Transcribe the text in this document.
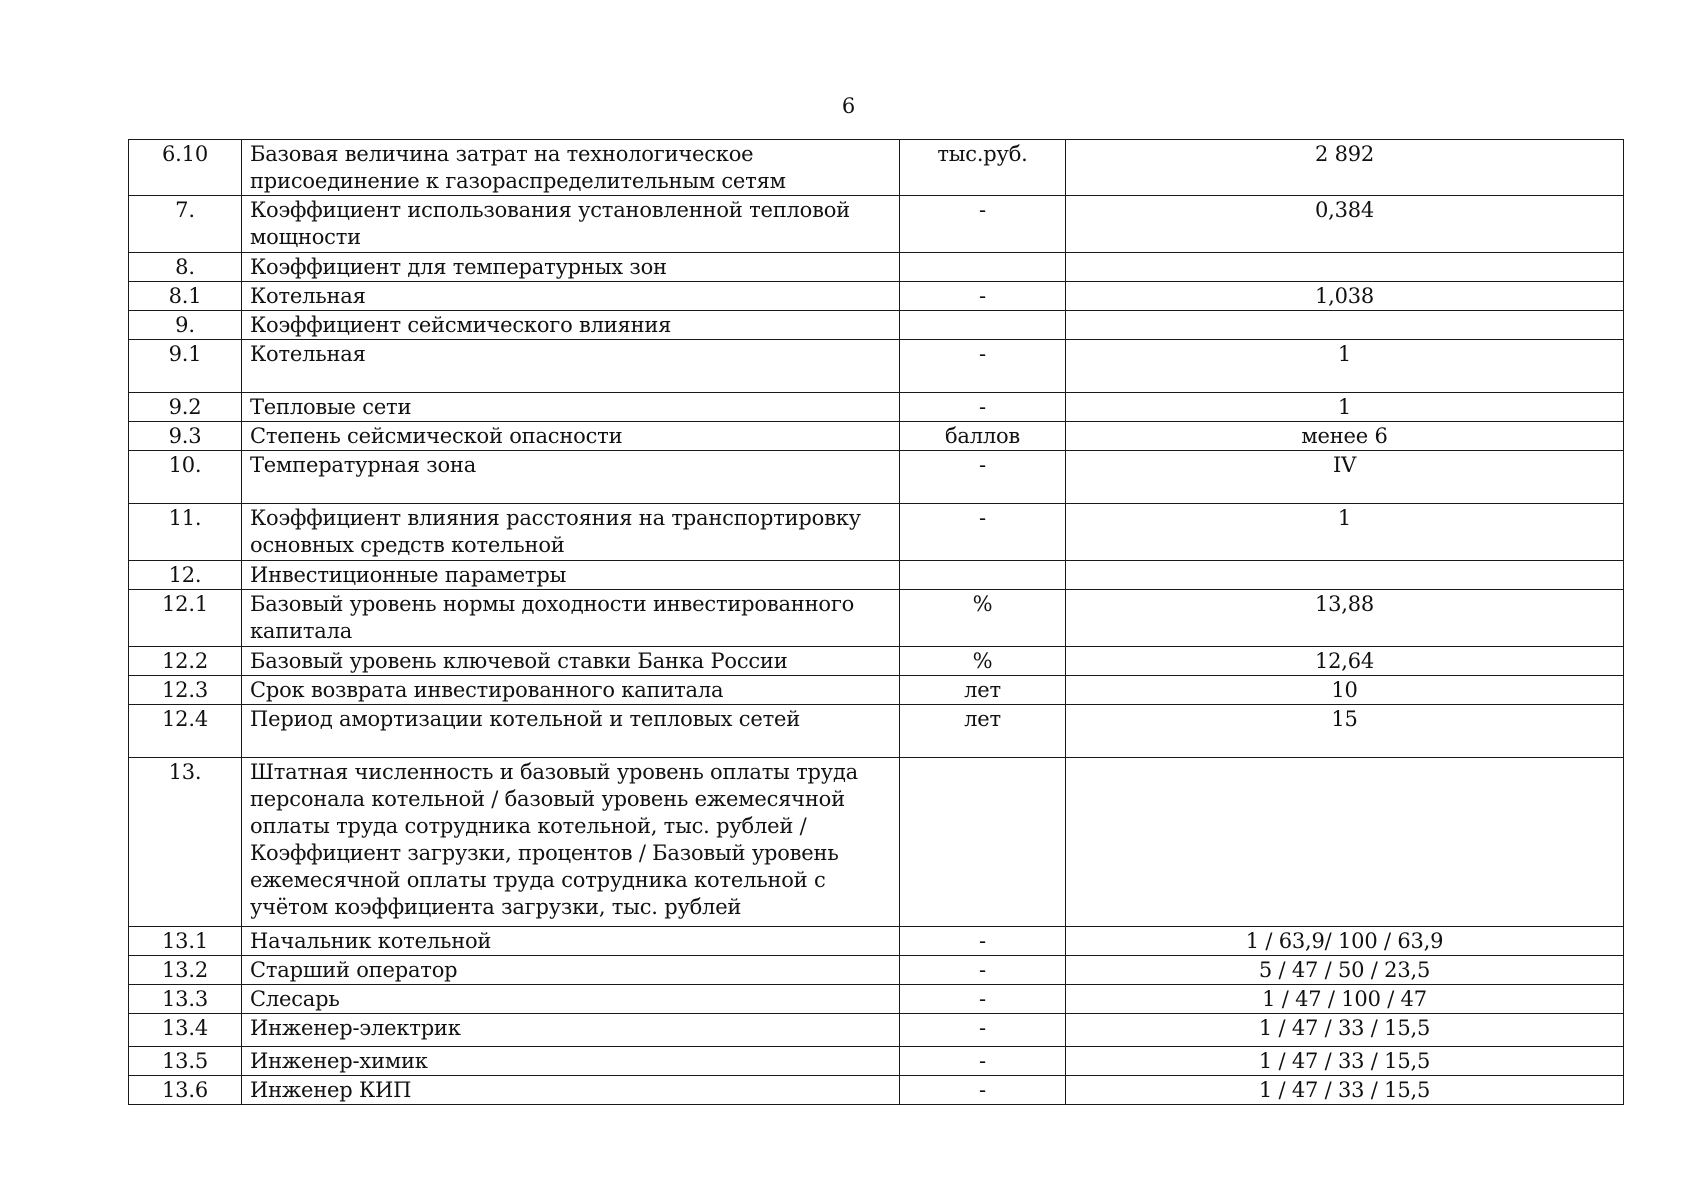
6
6.10	Базовая величина затрат на технологическое присоединение к газораспределительным сетям	тыс.руб.	2 892
7.	Коэффициент использования установленной тепловой мощности	-	0,384
8.	Коэффициент для температурных зон		
8.1	Котельная	-	1,038
9.	Коэффициент сейсмического влияния		
9.1	Котельная	-	1
9.2	Тепловые сети	-	1
9.3	Степень сейсмической опасности	баллов	менее 6
10.	Температурная зона	-	IV
11.	Коэффициент влияния расстояния на транспортировку основных средств котельной	-	1
12.	Инвестиционные параметры		
12.1	Базовый уровень нормы доходности инвестированного капитала	%	13,88
12.2	Базовый уровень ключевой ставки Банка России	%	12,64
12.3	Срок возврата инвестированного капитала	лет	10
12.4	Период амортизации котельной и тепловых сетей	лет	15
13.	Штатная численность и базовый уровень оплаты труда персонала котельной / базовый уровень ежемесячной оплаты труда сотрудника котельной, тыс. рублей / Коэффициент загрузки, процентов / Базовый уровень ежемесячной оплаты труда сотрудника котельной с учётом коэффициента загрузки, тыс. рублей		
13.1	Начальник котельной	-	1 / 63,9/ 100 / 63,9
13.2	Старший оператор	-	5 / 47 / 50 / 23,5
13.3	Слесарь	-	1 / 47 / 100 / 47
13.4	Инженер-электрик	-	1 / 47 / 33 / 15,5
13.5	Инженер-химик	-	1 / 47 / 33 / 15,5
13.6	Инженер КИП	-	1 / 47 / 33 / 15,5
